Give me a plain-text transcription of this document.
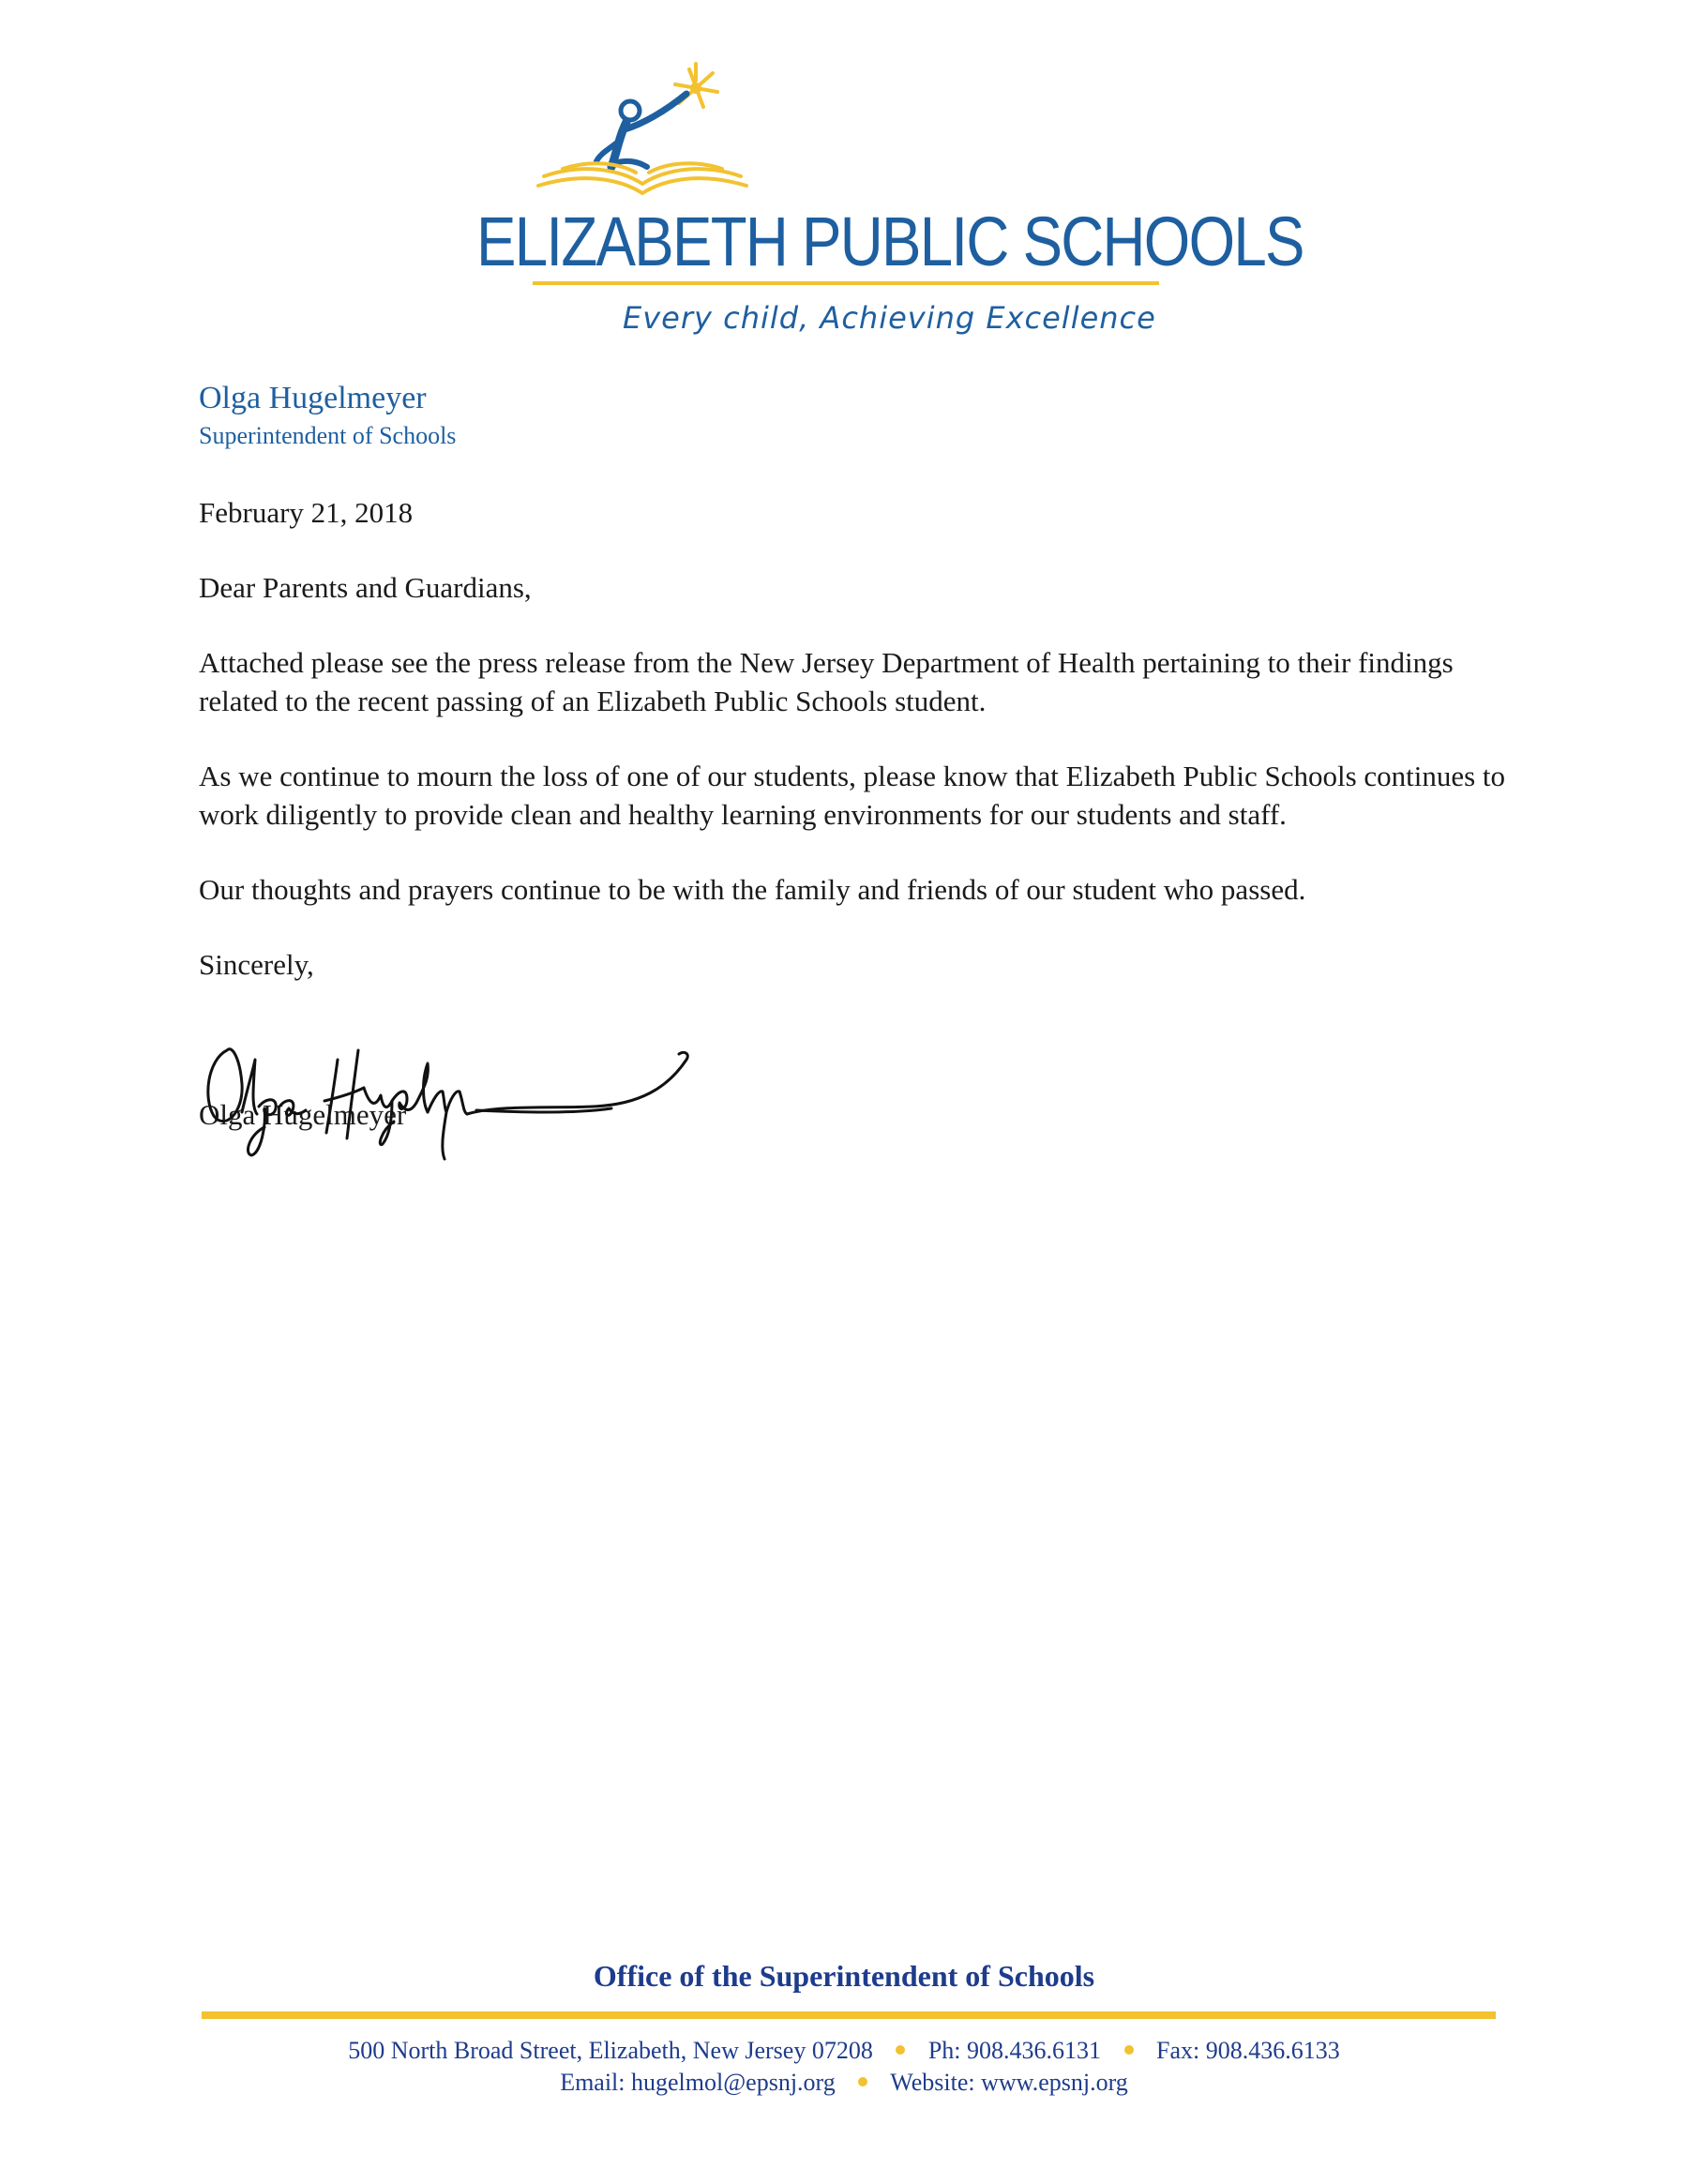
ELIZABETH PUBLIC SCHOOLS
Every child, Achieving Excellence

Olga Hugelmeyer

Superintendent of Schools

February 21, 2018

Dear Parents and Guardians,

Attached please see the press release from the New Jersey Department of Health pertaining to their findings related to the recent passing of an Elizabeth Public Schools student.

As we continue to mourn the loss of one of our students, please know that Elizabeth Public Schools continues to work diligently to provide clean and healthy learning environments for our students and staff.

Our thoughts and prayers continue to be with the family and friends of our student who passed.

Sincerely,

Olga Hugelmeyer

Office of the Superintendent of Schools

500 North Broad Street, Elizabeth, New Jersey 07208 Ph: 908.436.6131 Fax: 908.436.6133
Email: hugelmol@epsnj.org Website: www.epsnj.org
